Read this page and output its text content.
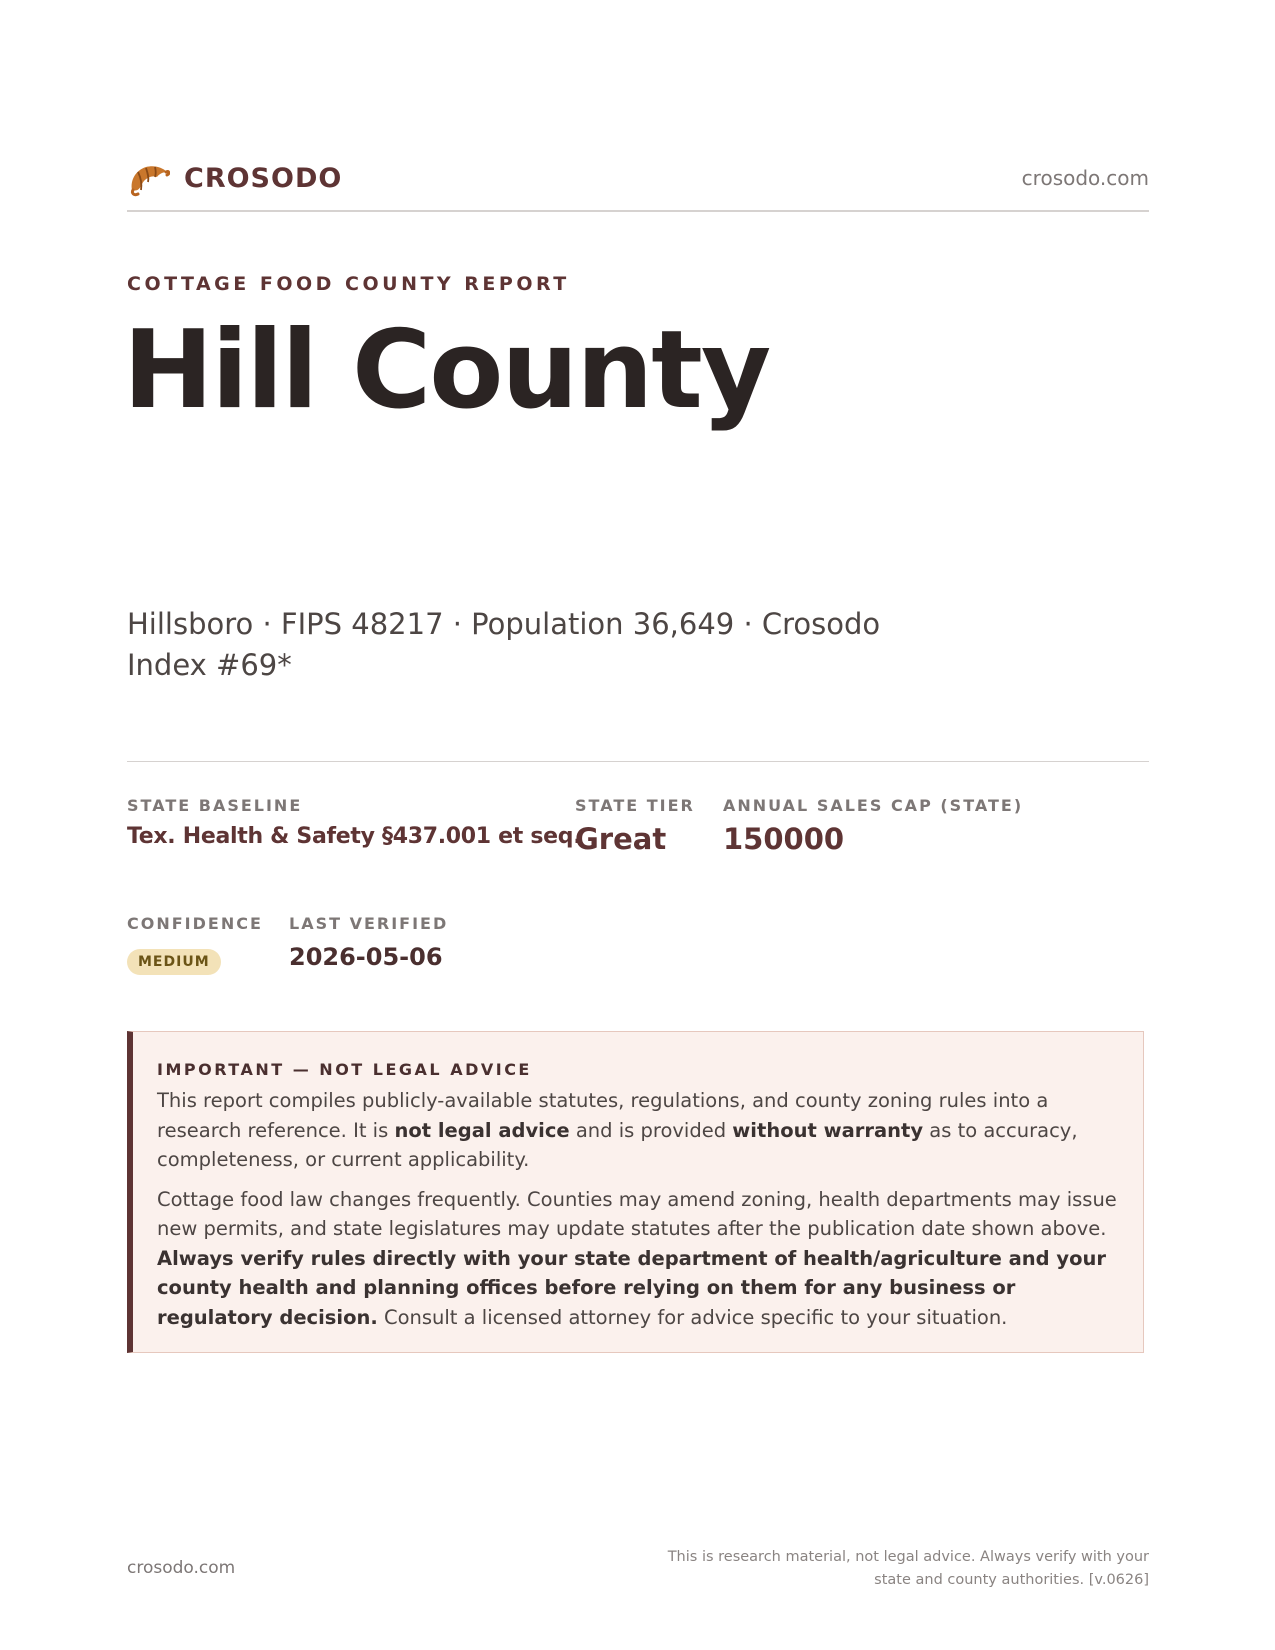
CROSODO	crosodo.com
COTTAGE FOOD COUNTY REPORT
Hill County
Hillsboro · FIPS 48217 · Population 36,649 · Crosodo Index #69*
STATE BASELINE
Tex. Health & Safety §437.001 et seq.
STATE TIER
Great
ANNUAL SALES CAP (STATE)
150000
CONFIDENCE
MEDIUM
LAST VERIFIED
2026-05-06
IMPORTANT — NOT LEGAL ADVICE

This report compiles publicly-available statutes, regulations, and county zoning rules into a research reference. It is not legal advice and is provided without warranty as to accuracy, completeness, or current applicability.

Cottage food law changes frequently. Counties may amend zoning, health departments may issue new permits, and state legislatures may update statutes after the publication date shown above. Always verify rules directly with your state department of health/agriculture and your county health and planning offices before relying on them for any business or regulatory decision. Consult a licensed attorney for advice specific to your situation.

crosodo.com
This is research material, not legal advice. Always verify with your state and county authorities. [v.0626]
